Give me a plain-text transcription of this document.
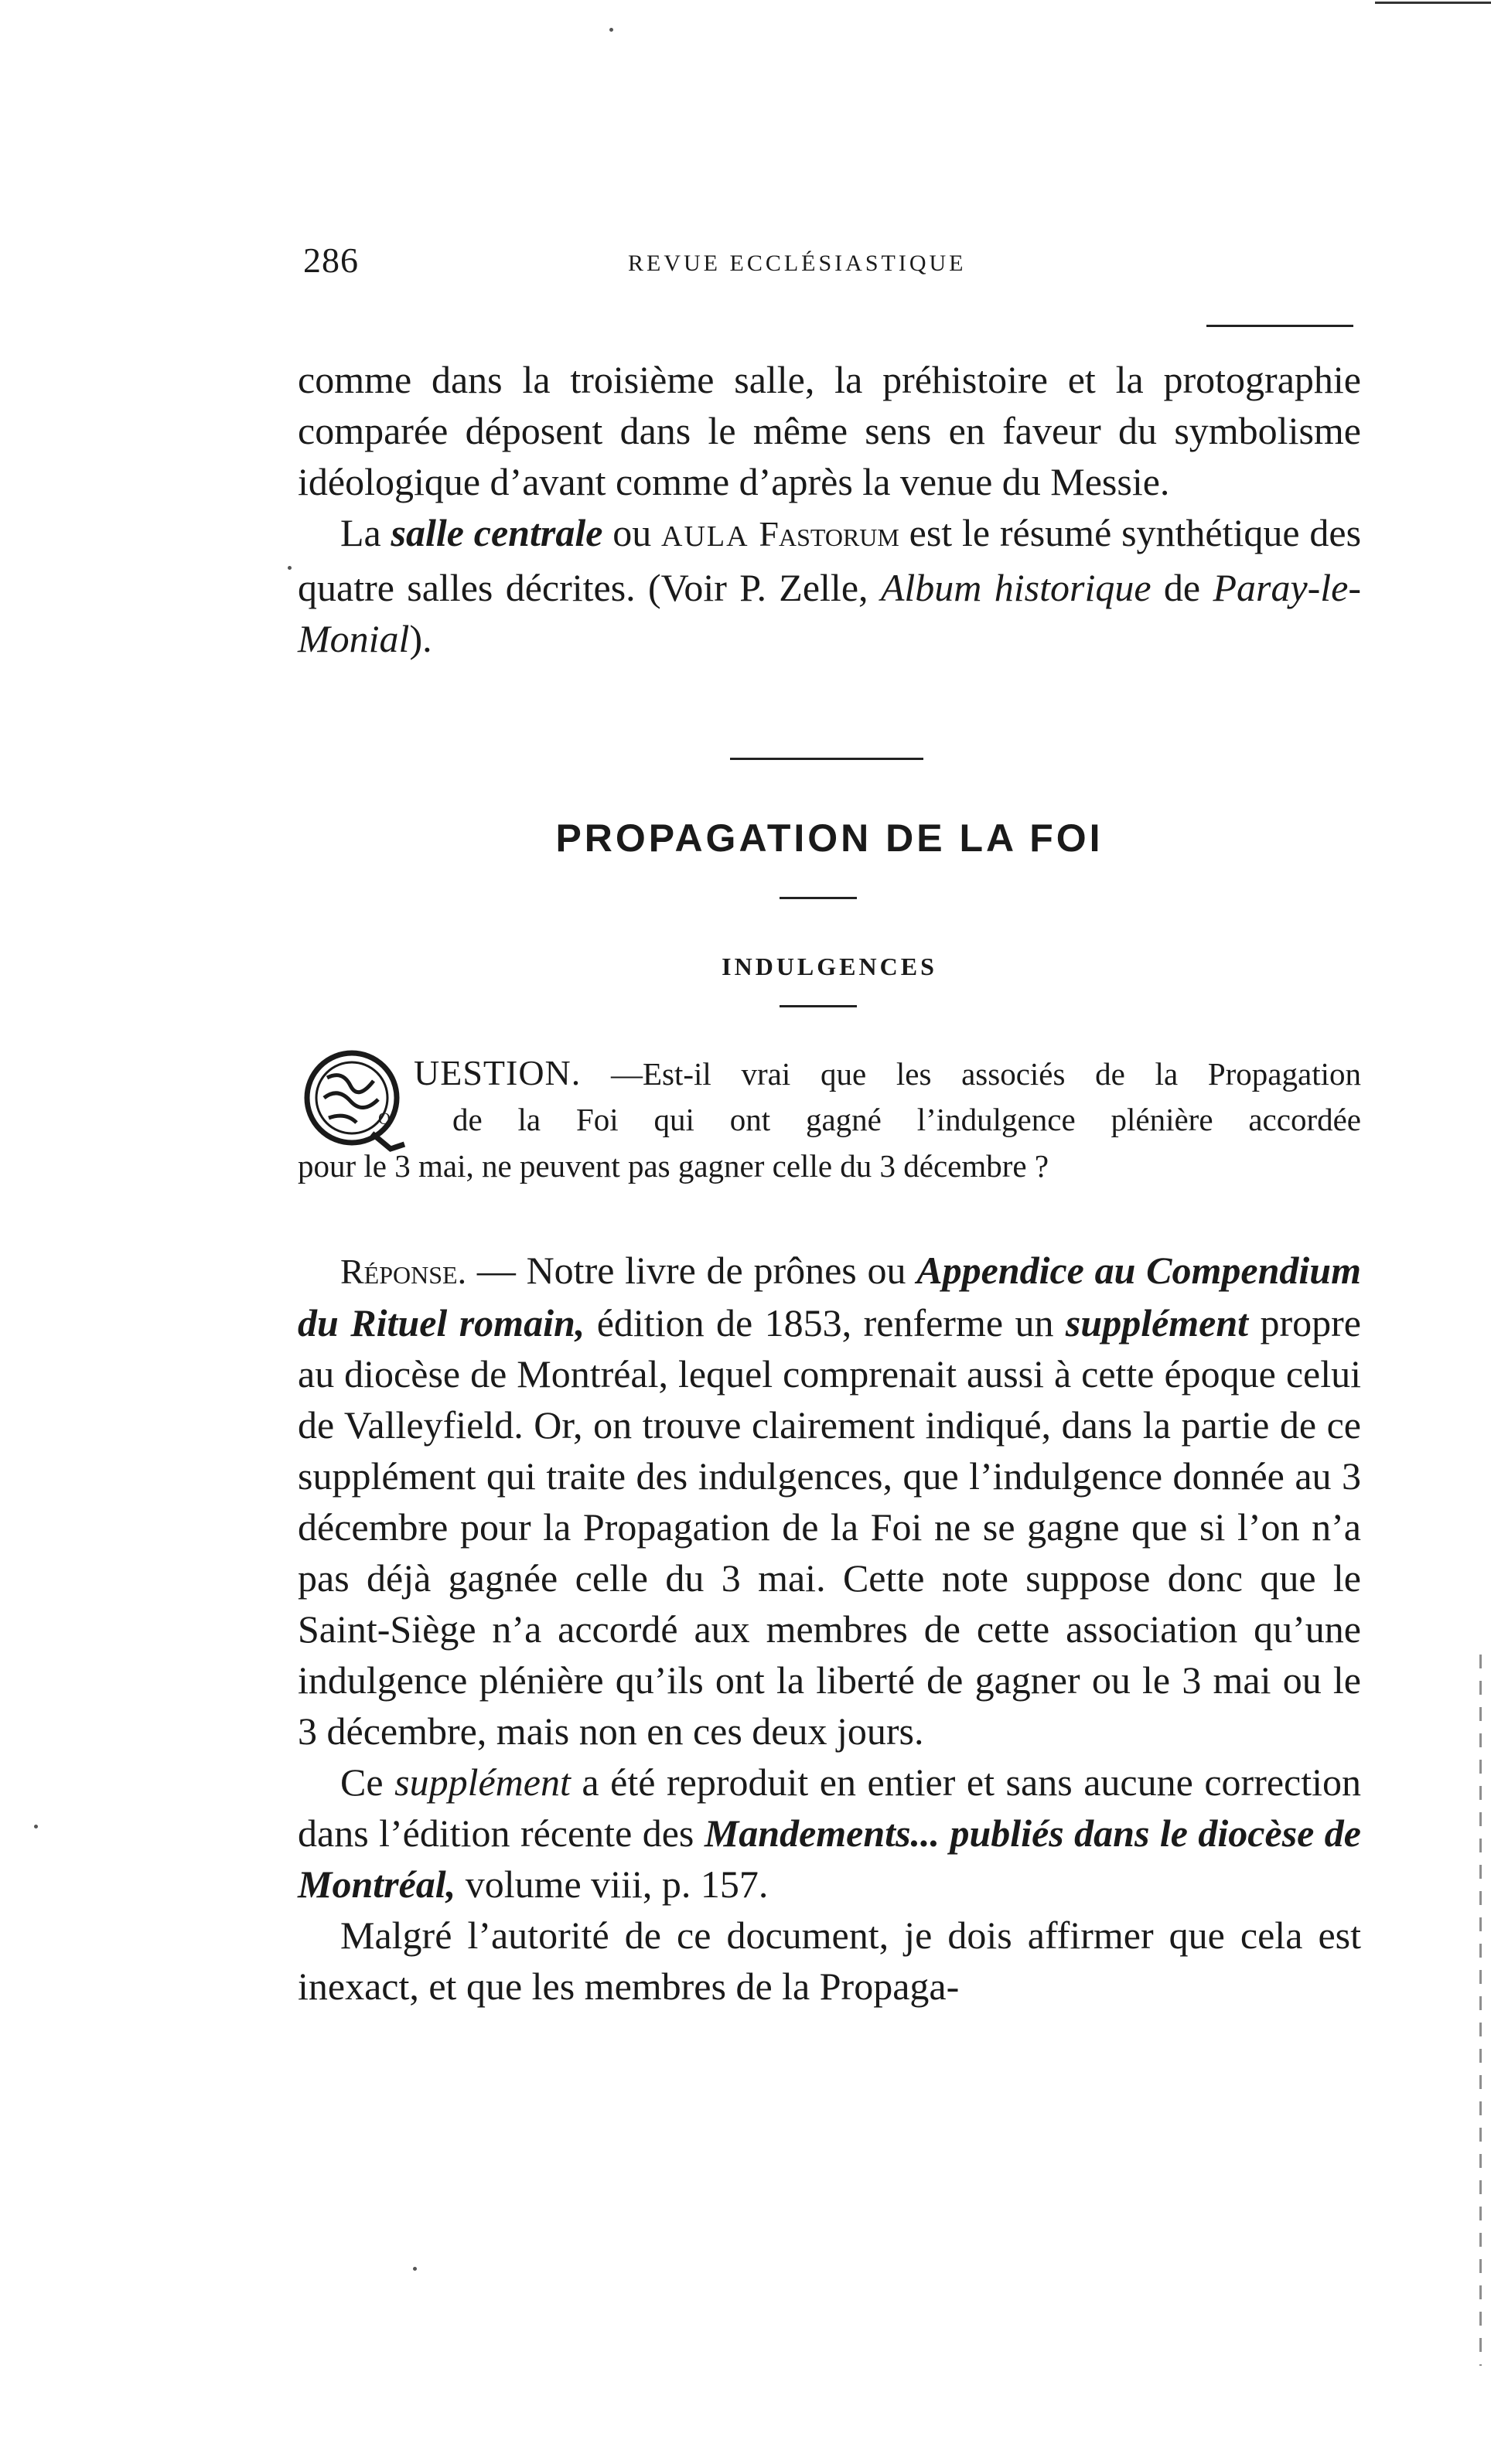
286	REVUE ECCLÉSIASTIQUE

comme dans la troisième salle, la préhistoire et la protographie comparée déposent dans le même sens en faveur du symbolisme idéologique d’avant comme d’après la venue du Messie.

La salle centrale ou AULA Fastorum est le résumé synthétique des quatre salles décrites. (Voir P. Zelle, Album historique de Paray-le-Monial).

PROPAGATION DE LA FOI
INDULGENCES
Q
UESTION. —Est-il vrai que les associés de la Propagation
de la Foi qui ont gagné l’indulgence plénière accordée
pour le 3 mai, ne peuvent pas gagner celle du 3 décembre ?

Réponse. — Notre livre de prônes ou Appendice au Compendium du Rituel romain, édition de 1853, renferme un supplément propre au diocèse de Montréal, lequel comprenait aussi à cette époque celui de Valleyfield. Or, on trouve clairement indiqué, dans la partie de ce supplément qui traite des indulgences, que l’indulgence donnée au 3 décembre pour la Propagation de la Foi ne se gagne que si l’on n’a pas déjà gagnée celle du 3 mai. Cette note suppose donc que le Saint-Siège n’a accordé aux membres de cette association qu’une indulgence plénière qu’ils ont la liberté de gagner ou le 3 mai ou le 3 décembre, mais non en ces deux jours.

Ce supplément a été reproduit en entier et sans aucune correction dans l’édition récente des Mandements... publiés dans le diocèse de Montréal, volume viii, p. 157.

Malgré l’autorité de ce document, je dois affirmer que cela est inexact, et que les membres de la Propaga-
